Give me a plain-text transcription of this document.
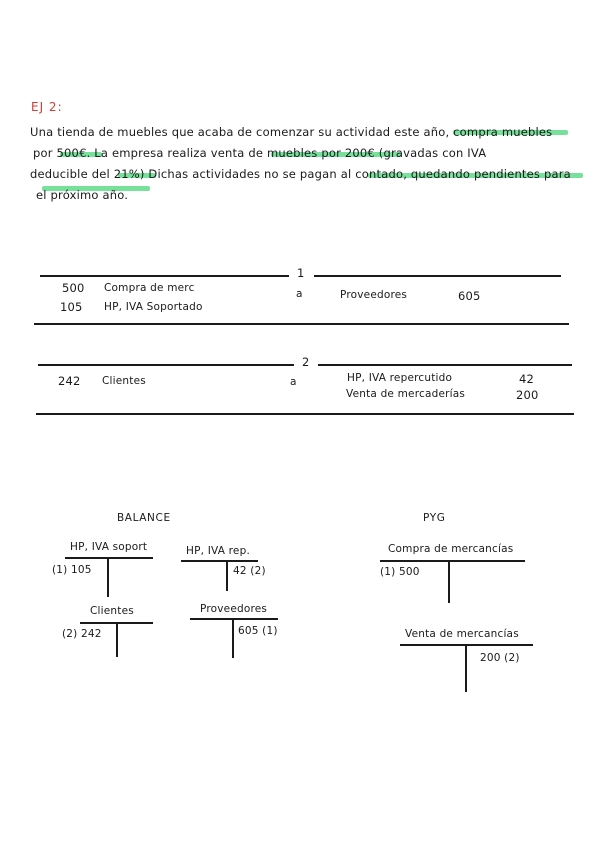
EJ 2:
Una tienda de muebles que acaba de comenzar su actividad este año, compra muebles
por 500€. La empresa realiza venta de muebles por 200€ (gravadas con IVA
deducible del 21%) Dichas actividades no se pagan al contado, quedando pendientes para
el próximo año.
1
500 Compra de merc
105 HP, IVA Soportado
a	Proveedores	605
2
242 Clientes	a	HP, IVA repercutido	42
Venta de mercaderías	200
BALANCE	PYG
HP, IVA soport
(1) 105
HP, IVA rep.
42 (2)
Clientes
(2) 242
Proveedores
605 (1)
Compra de mercancías
(1) 500
Venta de mercancías
200 (2)
